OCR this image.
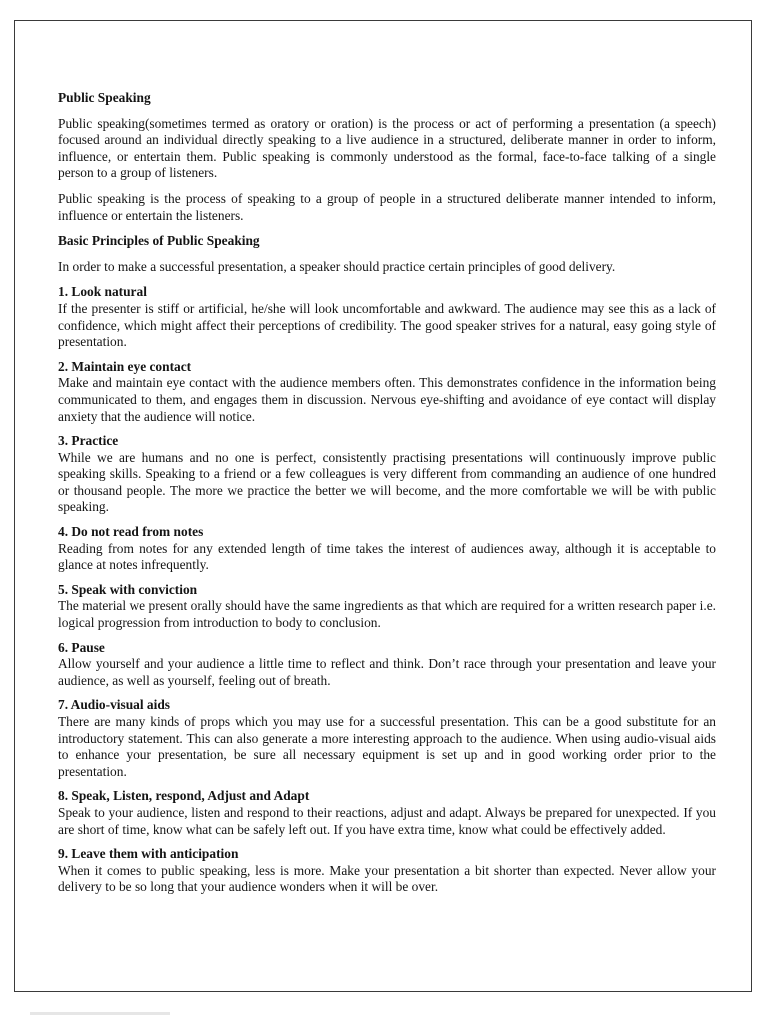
Public Speaking

Public speaking(sometimes termed as oratory or oration) is the process or act of performing a presentation (a speech) focused around an individual directly speaking to a live audience in a structured, deliberate manner in order to inform, influence, or entertain them. Public speaking is commonly understood as the formal, face-to-face talking of a single person to a group of listeners.

Public speaking is the process of speaking to a group of people in a structured deliberate manner intended to inform, influence or entertain the listeners.

Basic Principles of Public Speaking

In order to make a successful presentation, a speaker should practice certain principles of good delivery.

1. Look natural

If the presenter is stiff or artificial, he/she will look uncomfortable and awkward. The audience may see this as a lack of confidence, which might affect their perceptions of credibility. The good speaker strives for a natural, easy going style of presentation.

2. Maintain eye contact

Make and maintain eye contact with the audience members often. This demonstrates confidence in the information being communicated to them, and engages them in discussion. Nervous eye-shifting and avoidance of eye contact will display anxiety that the audience will notice.

3. Practice

While we are humans and no one is perfect, consistently practising presentations will continuously improve public speaking skills. Speaking to a friend or a few colleagues is very different from commanding an audience of one hundred or thousand people. The more we practice the better we will become, and the more comfortable we will be with public speaking.

4. Do not read from notes

Reading from notes for any extended length of time takes the interest of audiences away, although it is acceptable to glance at notes infrequently.

5. Speak with conviction

The material we present orally should have the same ingredients as that which are required for a written research paper i.e. logical progression from introduction to body to conclusion.

6. Pause

Allow yourself and your audience a little time to reflect and think. Don’t race through your presentation and leave your audience, as well as yourself, feeling out of breath.

7. Audio-visual aids

There are many kinds of props which you may use for a successful presentation. This can be a good substitute for an introductory statement. This can also generate a more interesting approach to the audience. When using audio-visual aids to enhance your presentation, be sure all necessary equipment is set up and in good working order prior to the presentation.

8. Speak, Listen, respond, Adjust and Adapt

Speak to your audience, listen and respond to their reactions, adjust and adapt. Always be prepared for unexpected. If you are short of time, know what can be safely left out. If you have extra time, know what could be effectively added.

9. Leave them with anticipation

When it comes to public speaking, less is more. Make your presentation a bit shorter than expected. Never allow your delivery to be so long that your audience wonders when it will be over.
